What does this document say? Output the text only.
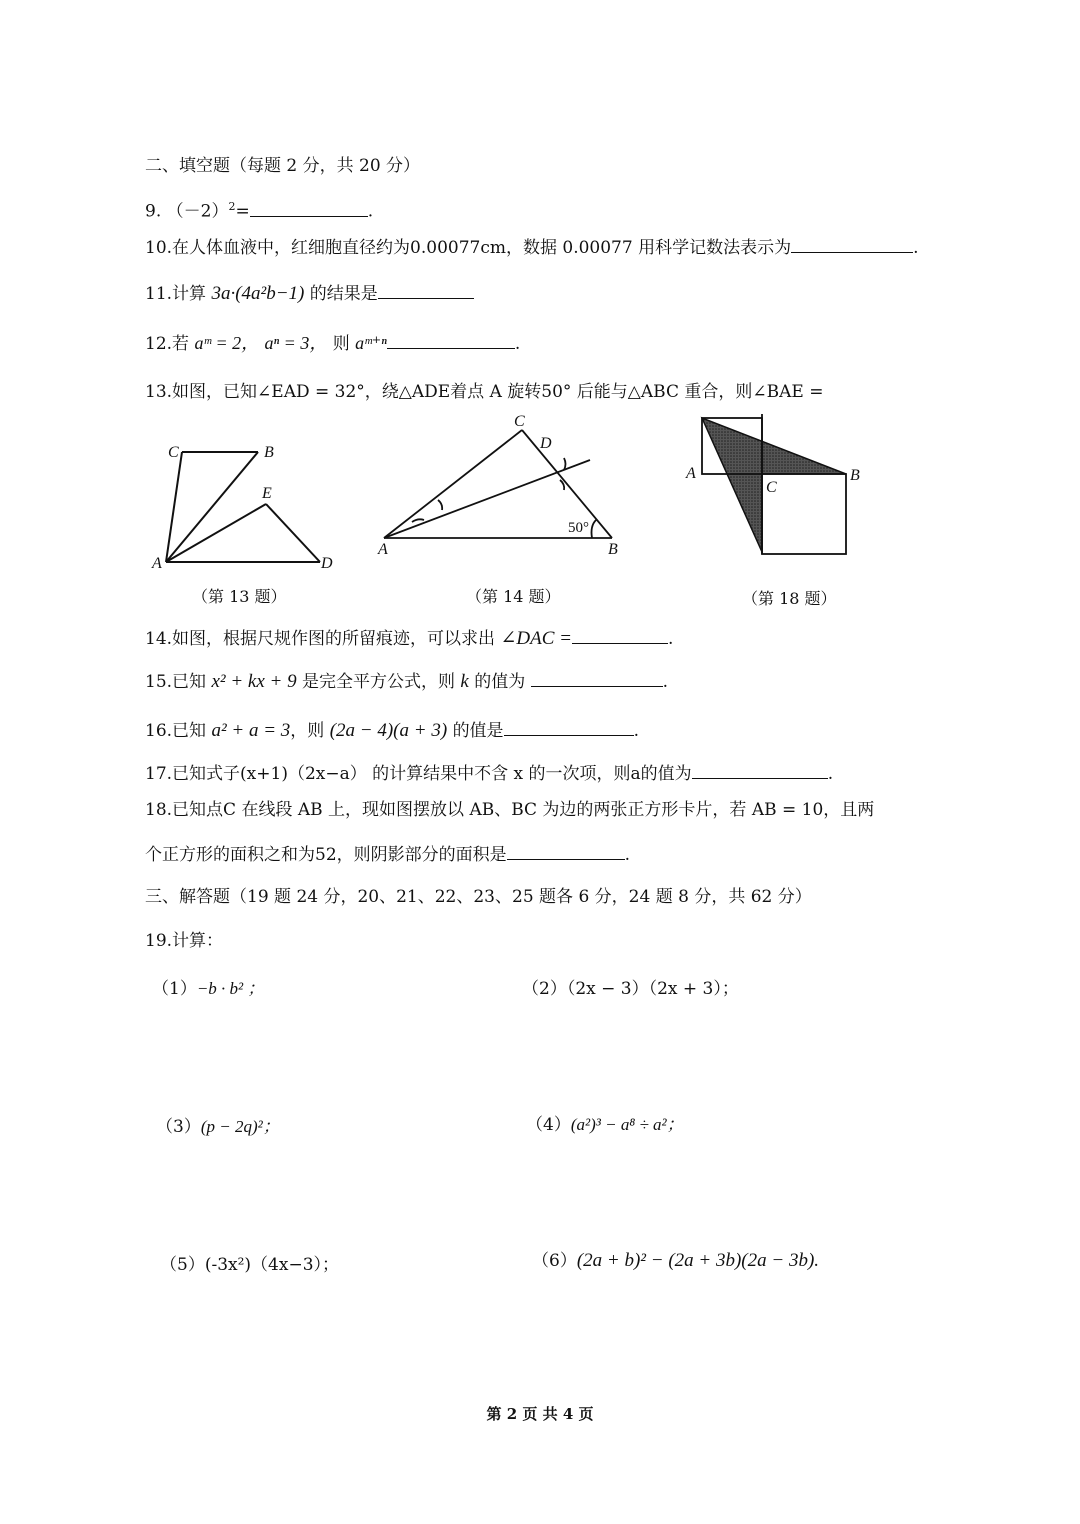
二、填空题（每题 2 分，共 20 分）
9. $(-2)^2=$	.
10.在人体血液中，红细胞直径约为0.00077cm，数据 0.00077 用科学记数法表示为	.
11.计算 3a·(4a²b−1) 的结果是
12.若 aᵐ = 2， aⁿ = 3， 则 aᵐ⁺ⁿ	.
13.如图，已知∠EAD = 32°，绕△ADE着点 A 旋转50° 后能与△ABC 重合，则∠BAE =
C	B
E
A	D
（第 13 题）
C
D
A	B
50°
（第 14 题）
A
C
B
（第 18 题）
14.如图，根据尺规作图的所留痕迹，可以求出 ∠DAC =	.
15.已知 x² + kx + 9 是完全平方公式，则 k 的值为	.
16.已知 a² + a = 3，则 (2a − 4)(a + 3) 的值是	.
17.已知式子(x+1)（2x−a） 的计算结果中不含 x 的一次项，则a的值为	.
18.已知点C 在线段 AB 上，现如图摆放以 AB、BC 为边的两张正方形卡片，若 AB = 10，且两
个正方形的面积之和为52，则阴影部分的面积是	.
三、解答题（19 题 24 分，20、21、22、23、25 题各 6 分，24 题 8 分，共 62 分）
19.计算：
（1）−b · b² ；	（2）（2x − 3）（2x + 3）；
（3）(p − 2q)²；	（4）(a²)³ − a⁸ ÷ a²；
（5）(-3x²)（4x−3）；	（6）(2a + b)² − (2a + 3b)(2a − 3b).
第 2 页 共 4 页
